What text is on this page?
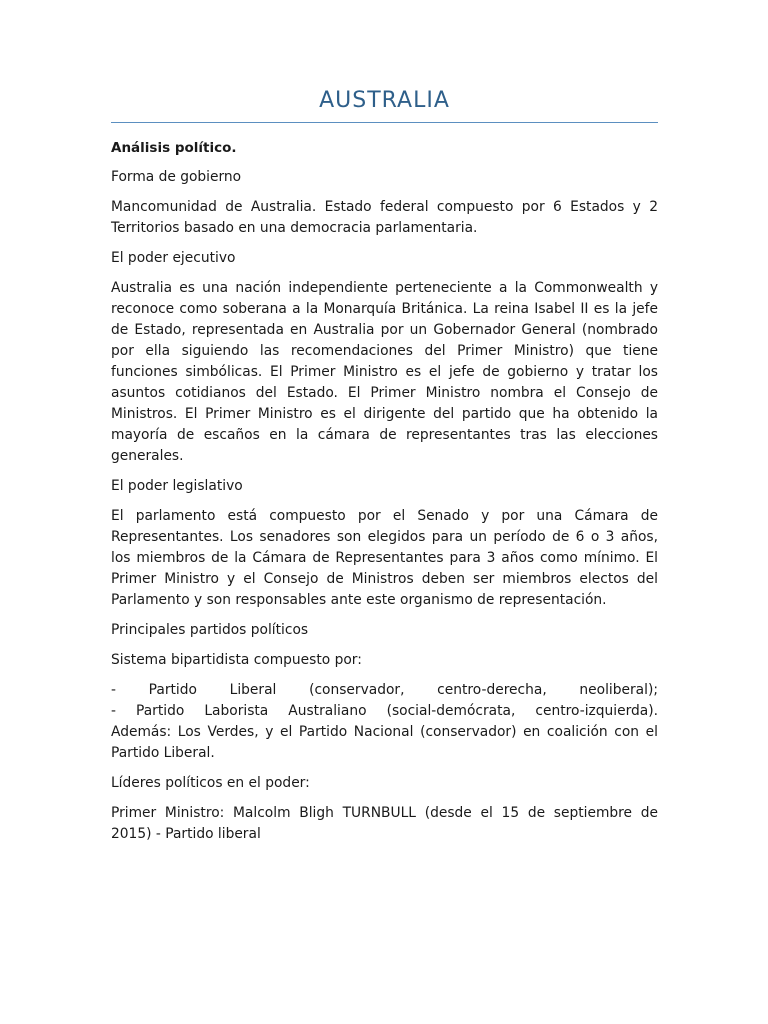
AUSTRALIA
Análisis político.

Forma de gobierno

Mancomunidad de Australia. Estado federal compuesto por 6 Estados y 2 Territorios basado en una democracia parlamentaria.

El poder ejecutivo

Australia es una nación independiente perteneciente a la Commonwealth y reconoce como soberana a la Monarquía Británica. La reina Isabel II es la jefe de Estado, representada en Australia por un Gobernador General (nombrado por ella siguiendo las recomendaciones del Primer Ministro) que tiene funciones simbólicas. El Primer Ministro es el jefe de gobierno y tratar los asuntos cotidianos del Estado. El Primer Ministro nombra el Consejo de Ministros. El Primer Ministro es el dirigente del partido que ha obtenido la mayoría de escaños en la cámara de representantes tras las elecciones generales.

El poder legislativo

El parlamento está compuesto por el Senado y por una Cámara de Representantes. Los senadores son elegidos para un período de 6 o 3 años, los miembros de la Cámara de Representantes para 3 años como mínimo. El Primer Ministro y el Consejo de Ministros deben ser miembros electos del Parlamento y son responsables ante este organismo de representación.

Principales partidos políticos

Sistema bipartidista compuesto por:

- Partido Liberal (conservador, centro-derecha, neoliberal);
- Partido Laborista Australiano (social-demócrata, centro-izquierda).
Además: Los Verdes, y el Partido Nacional (conservador) en coalición con el Partido Liberal.

Líderes políticos en el poder:

Primer Ministro: Malcolm Bligh TURNBULL (desde el 15 de septiembre de 2015) - Partido liberal
